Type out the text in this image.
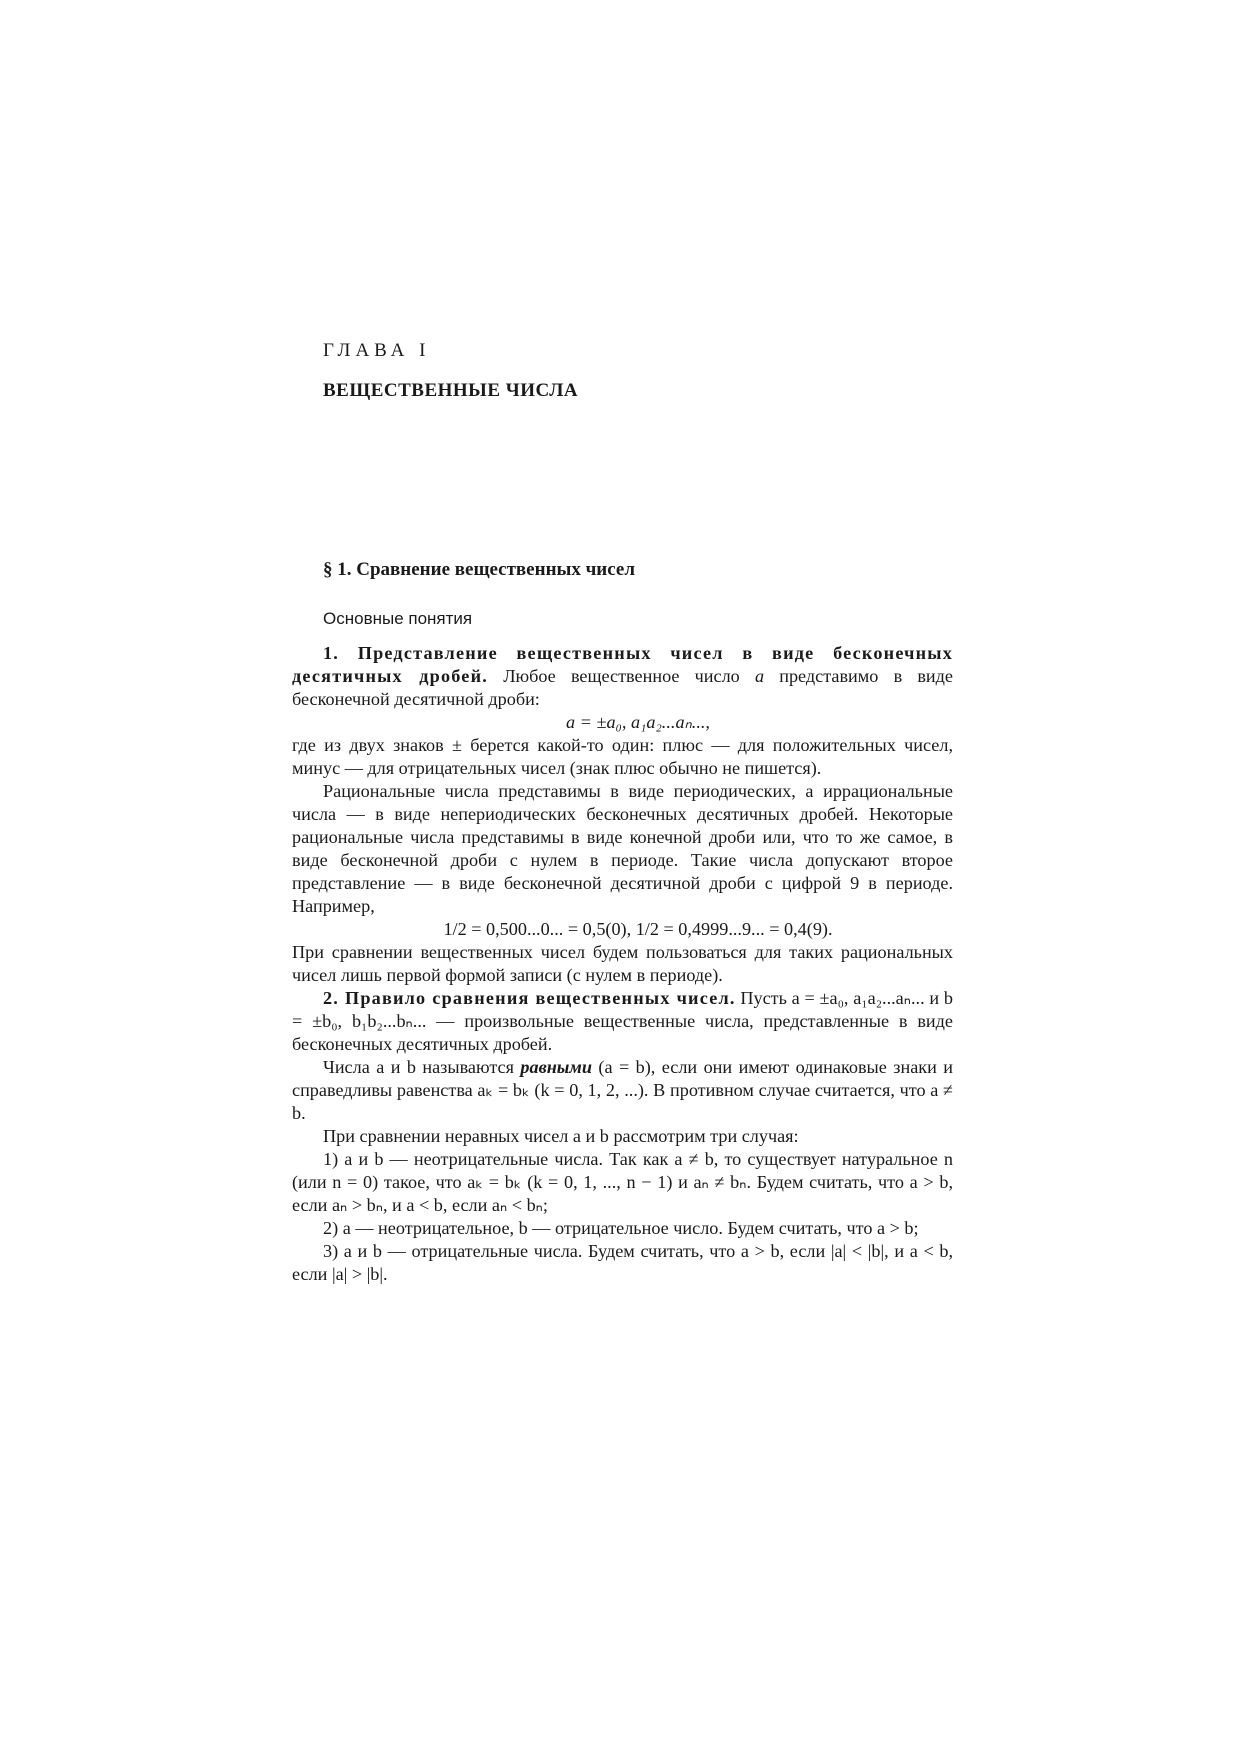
ГЛАВА I
ВЕЩЕСТВЕННЫЕ ЧИСЛА
§ 1. Сравнение вещественных чисел
Основные понятия

1. Представление вещественных чисел в виде бесконечных десятичных дробей. Любое вещественное число a представимо в виде бесконечной десятичной дроби:

a = ±a₀, a₁a₂...aₙ...,

где из двух знаков ± берется какой-то один: плюс — для положительных чисел, минус — для отрицательных чисел (знак плюс обычно не пишется).

Рациональные числа представимы в виде периодических, а иррациональные числа — в виде непериодических бесконечных десятичных дробей. Некоторые рациональные числа представимы в виде конечной дроби или, что то же самое, в виде бесконечной дроби с нулем в периоде. Такие числа допускают второе представление — в виде бесконечной десятичной дроби с цифрой 9 в периоде. Например,

1/2 = 0,500...0... = 0,5(0), 1/2 = 0,4999...9... = 0,4(9).

При сравнении вещественных чисел будем пользоваться для таких рациональных чисел лишь первой формой записи (с нулем в периоде).

2. Правило сравнения вещественных чисел. Пусть a = ±a₀, a₁a₂...aₙ... и b = ±b₀, b₁b₂...bₙ... — произвольные вещественные числа, представленные в виде бесконечных десятичных дробей.

Числа a и b называются равными (a = b), если они имеют одинаковые знаки и справедливы равенства aₖ = bₖ (k = 0, 1, 2, ...). В противном случае считается, что a ≠ b.

При сравнении неравных чисел a и b рассмотрим три случая:

1) a и b — неотрицательные числа. Так как a ≠ b, то существует натуральное n (или n = 0) такое, что aₖ = bₖ (k = 0, 1, ..., n − 1) и aₙ ≠ bₙ. Будем считать, что a > b, если aₙ > bₙ, и a < b, если aₙ < bₙ;

2) a — неотрицательное, b — отрицательное число. Будем считать, что a > b;

3) a и b — отрицательные числа. Будем считать, что a > b, если |a| < |b|, и a < b, если |a| > |b|.
